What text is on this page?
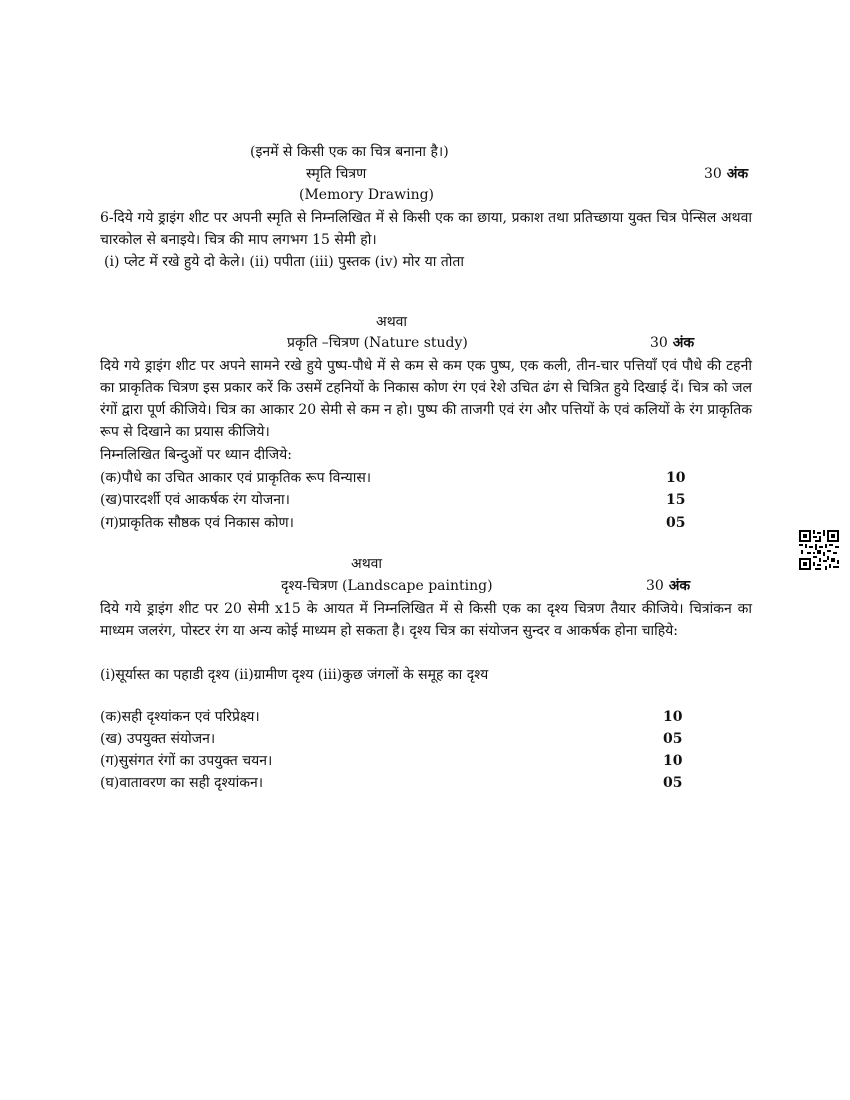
(इनमें से किसी एक का चित्र बनाना है।)
स्मृति चित्रण	30 अंक
(Memory Drawing)

6-दिये गये ड्राइंग शीट पर अपनी स्मृति से निम्नलिखित में से किसी एक का छाया, प्रकाश तथा प्रतिच्छाया युक्त चित्र पेन्सिल अथवा चारकोल से बनाइये। चित्र की माप लगभग 15 सेमी हो।

(i) प्लेट में रखे हुये दो केले। (ii) पपीता (iii) पुस्तक (iv) मोर या तोता
अथवा
प्रकृति –चित्रण (Nature study)	30 अंक

दिये गये ड्राइंग शीट पर अपने सामने रखे हुये पुष्प-पौधे में से कम से कम एक पुष्प, एक कली, तीन-चार पत्तियाँ एवं पौधे की टहनी का प्राकृतिक चित्रण इस प्रकार करें कि उसमें टहनियों के निकास कोण रंग एवं रेशे उचित ढंग से चित्रित हुये दिखाई दें। चित्र को जल रंगों द्वारा पूर्ण कीजिये। चित्र का आकार 20 सेमी से कम न हो। पुष्प की ताजगी एवं रंग और पत्तियों के एवं कलियों के रंग प्राकृतिक रूप से दिखाने का प्रयास कीजिये।

निम्नलिखित बिन्दुओं पर ध्यान दीजिये:
(क)पौधे का उचित आकार एवं प्राकृतिक रूप विन्यास।	10
(ख)पारदर्शी एवं आकर्षक रंग योजना।	15
(ग)प्राकृतिक सौष्ठक एवं निकास कोण।	05
अथवा
दृश्य-चित्रण (Landscape painting)	30 अंक

दिये गये ड्राइंग शीट पर 20 सेमी x15 के आयत में निम्नलिखित में से किसी एक का दृश्य चित्रण तैयार कीजिये। चित्रांकन का माध्यम जलरंग, पोस्टर रंग या अन्य कोई माध्यम हो सकता है। दृश्य चित्र का संयोजन सुन्दर व आकर्षक होना चाहिये:

(i)सूर्यास्त का पहाडी दृश्य (ii)ग्रामीण दृश्य (iii)कुछ जंगलों के समूह का दृश्य
(क)सही दृश्यांकन एवं परिप्रेक्ष्य।	10
(ख) उपयुक्त संयोजन।	05
(ग)सुसंगत रंगों का उपयुक्त चयन।	10
(घ)वातावरण का सही दृश्यांकन।	05
